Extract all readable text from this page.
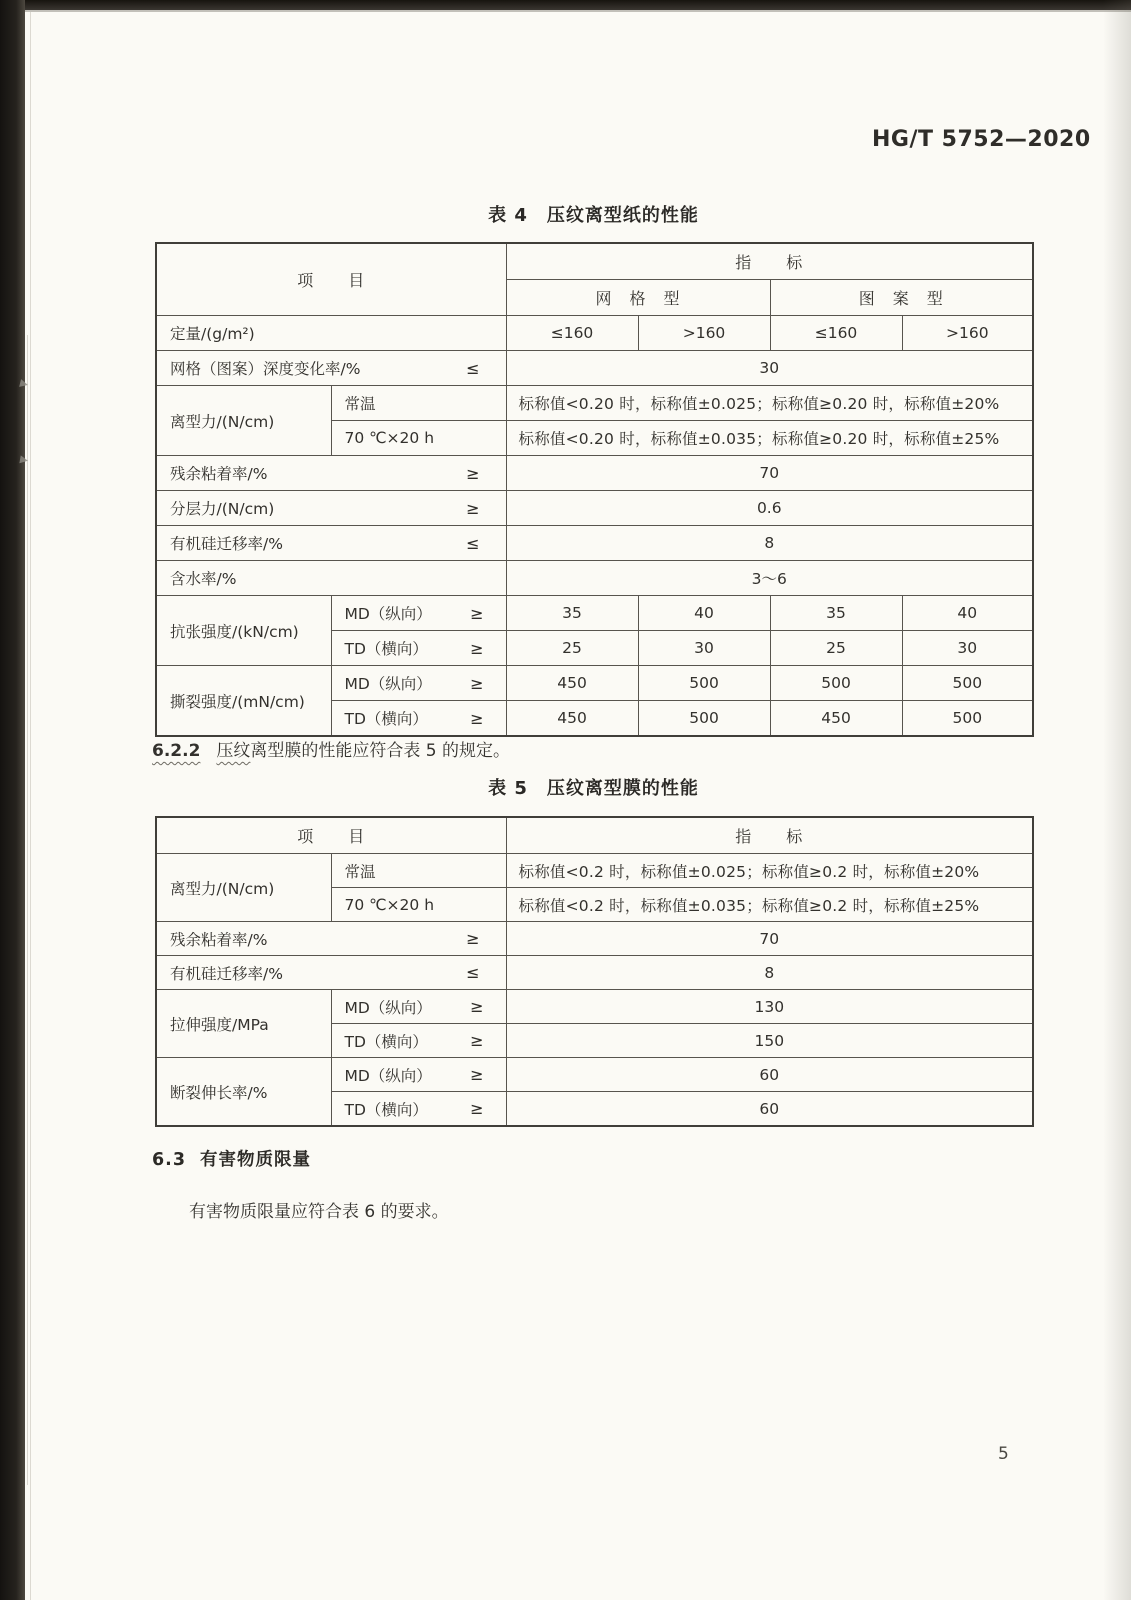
HG/T 5752—2020
表 4　压纹离型纸的性能
项　　目		指　　标			
		网　格　型		图　案　型	
定量/(g/m²)		≤160	>160	≤160	>160

网格（图案）深度变化率/% ≤		30			
离型力/(N/cm)	常温	标称值<0.20 时，标称值±0.025；标称值≥0.20 时，标称值±20%			
	70 ℃×20 h	标称值<0.20 时，标称值±0.035；标称值≥0.20 时，标称值±25%			

残余粘着率/% ≥		70			

分层力/(N/cm) ≥		0.6			

有机硅迁移率/% ≤		8			
含水率/%		3～6			
抗张强度/(kN/cm)	MD（纵向） ≥	35	40	35	40

	TD（横向） ≥	25	30	25	30
撕裂强度/(mN/cm)	MD（纵向） ≥	450	500	500	500

	TD（横向） ≥	450	500	450	500
6.2.2 压纹离型膜的性能应符合表 5 的规定。
表 5　压纹离型膜的性能
项　　目		指　　标
离型力/(N/cm)	常温	标称值<0.2 时，标称值±0.025；标称值≥0.2 时，标称值±20%
	70 ℃×20 h	标称值<0.2 时，标称值±0.035；标称值≥0.2 时，标称值±25%

残余粘着率/% ≥		70

有机硅迁移率/% ≤		8
拉伸强度/MPa	MD（纵向） ≥	130

	TD（横向） ≥	150
断裂伸长率/%	MD（纵向） ≥	60

	TD（横向） ≥	60
6.3 有害物质限量
有害物质限量应符合表 6 的要求。
5
